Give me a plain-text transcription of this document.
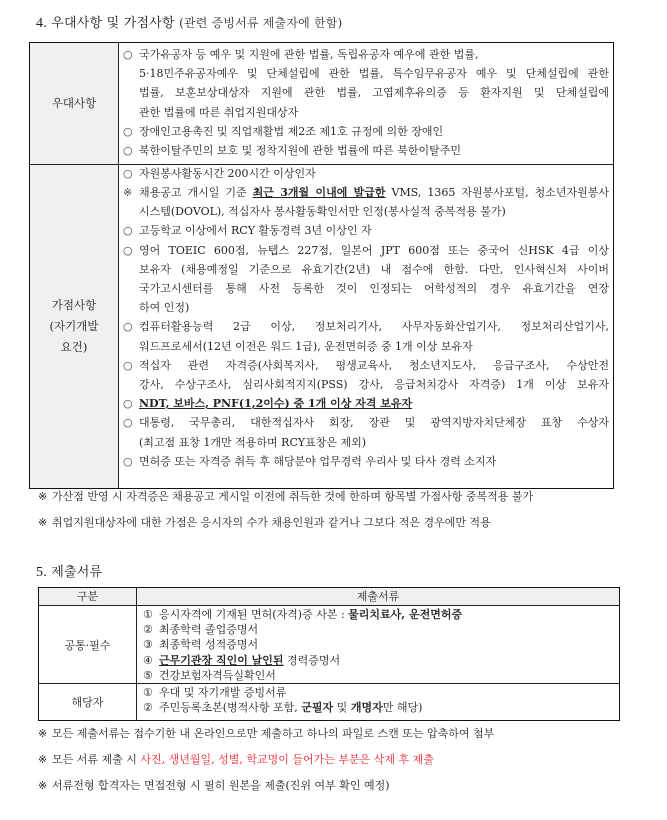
4. 우대사항 및 가점사항 (관련 증빙서류 제출자에 한함)
우대사항
○ 국가유공자 등 예우 및 지원에 관한 법률, 독립유공자 예우에 관한 법률,
5·18민주유공자예우 및 단체설립에 관한 법률, 특수임무유공자 예우 및 단체설립에 관한
법률, 보훈보상대상자 지원에 관한 법률, 고엽제후유의증 등 환자지원 및 단체설립에
관한 법률에 따른 취업지원대상자
○ 장애인고용촉진 및 직업재활법 제2조 제1호 규정에 의한 장애인
○ 북한이탈주민의 보호 및 정착지원에 관한 법률에 따른 북한이탈주민
가점사항
(자기개발
요건)
○ 자원봉사활동시간 200시간 이상인자
※ 채용공고 개시일 기준 최근 3개월 이내에 발급한 VMS, 1365 자원봉사포털, 청소년자원봉사
시스템(DOVOL), 적십자사 봉사활동확인서만 인정(봉사실적 중복적용 불가)
○ 고등학교 이상에서 RCY 활동경력 3년 이상인 자
○ 영어 TOEIC 600점, 뉴텝스 227점, 일본어 JPT 600점 또는 중국어 신HSK 4급 이상
보유자 (채용예정일 기준으로 유효기간(2년) 내 점수에 한함. 다만, 인사혁신처 사이버
국가고시센터를 통해 사전 등록한 것이 인정되는 어학성적의 경우 유효기간을 연장
하여 인정)
○ 컴퓨터활용능력 2급 이상, 정보처리기사, 사무자동화산업기사, 정보처리산업기사,
워드프로세서(12년 이전은 워드 1급), 운전면허증 중 1개 이상 보유자
○ 적십자 관련 자격증(사회복지사, 평생교육사, 청소년지도사, 응급구조사, 수상안전
강사, 수상구조사, 심리사회적지지(PSS) 강사, 응급처치강사 자격증) 1개 이상 보유자
○ NDT, 보바스, PNF(1,2이수) 중 1개 이상 자격 보유자
○ 대통령, 국무총리, 대한적십자사 회장, 장관 및 광역지방자치단체장 표창 수상자
(최고점 표창 1개만 적용하며 RCY표창은 제외)
○ 면허증 또는 자격증 취득 후 해당분야 업무경력 우리사 및 타사 경력 소지자
※ 가산점 반영 시 자격증은 채용공고 게시일 이전에 취득한 것에 한하며 항목별 가점사항 중복적용 불가
※ 취업지원대상자에 대한 가점은 응시자의 수가 채용인원과 같거나 그보다 적은 경우에만 적용
5. 제출서류
구분	제출서류
공통·필수
① 응시자격에 기재된 면허(자격)증 사본 : 물리치료사, 운전면허증
② 최종학력 졸업증명서
③ 최종학력 성적증명서
④ 근무기관장 직인이 날인된 경력증명서
⑤ 건강보험자격득실확인서
해당자
① 우대 및 자기개발 증빙서류
② 주민등록초본(병적사항 포함, 군필자 및 개명자만 해당)
※ 모든 제출서류는 접수기한 내 온라인으로만 제출하고 하나의 파일로 스캔 또는 압축하여 첨부
※ 모든 서류 제출 시 사진, 생년월일, 성별, 학교명이 들어가는 부분은 삭제 후 제출
※ 서류전형 합격자는 면접전형 시 필히 원본을 제출(진위 여부 확인 예정)
